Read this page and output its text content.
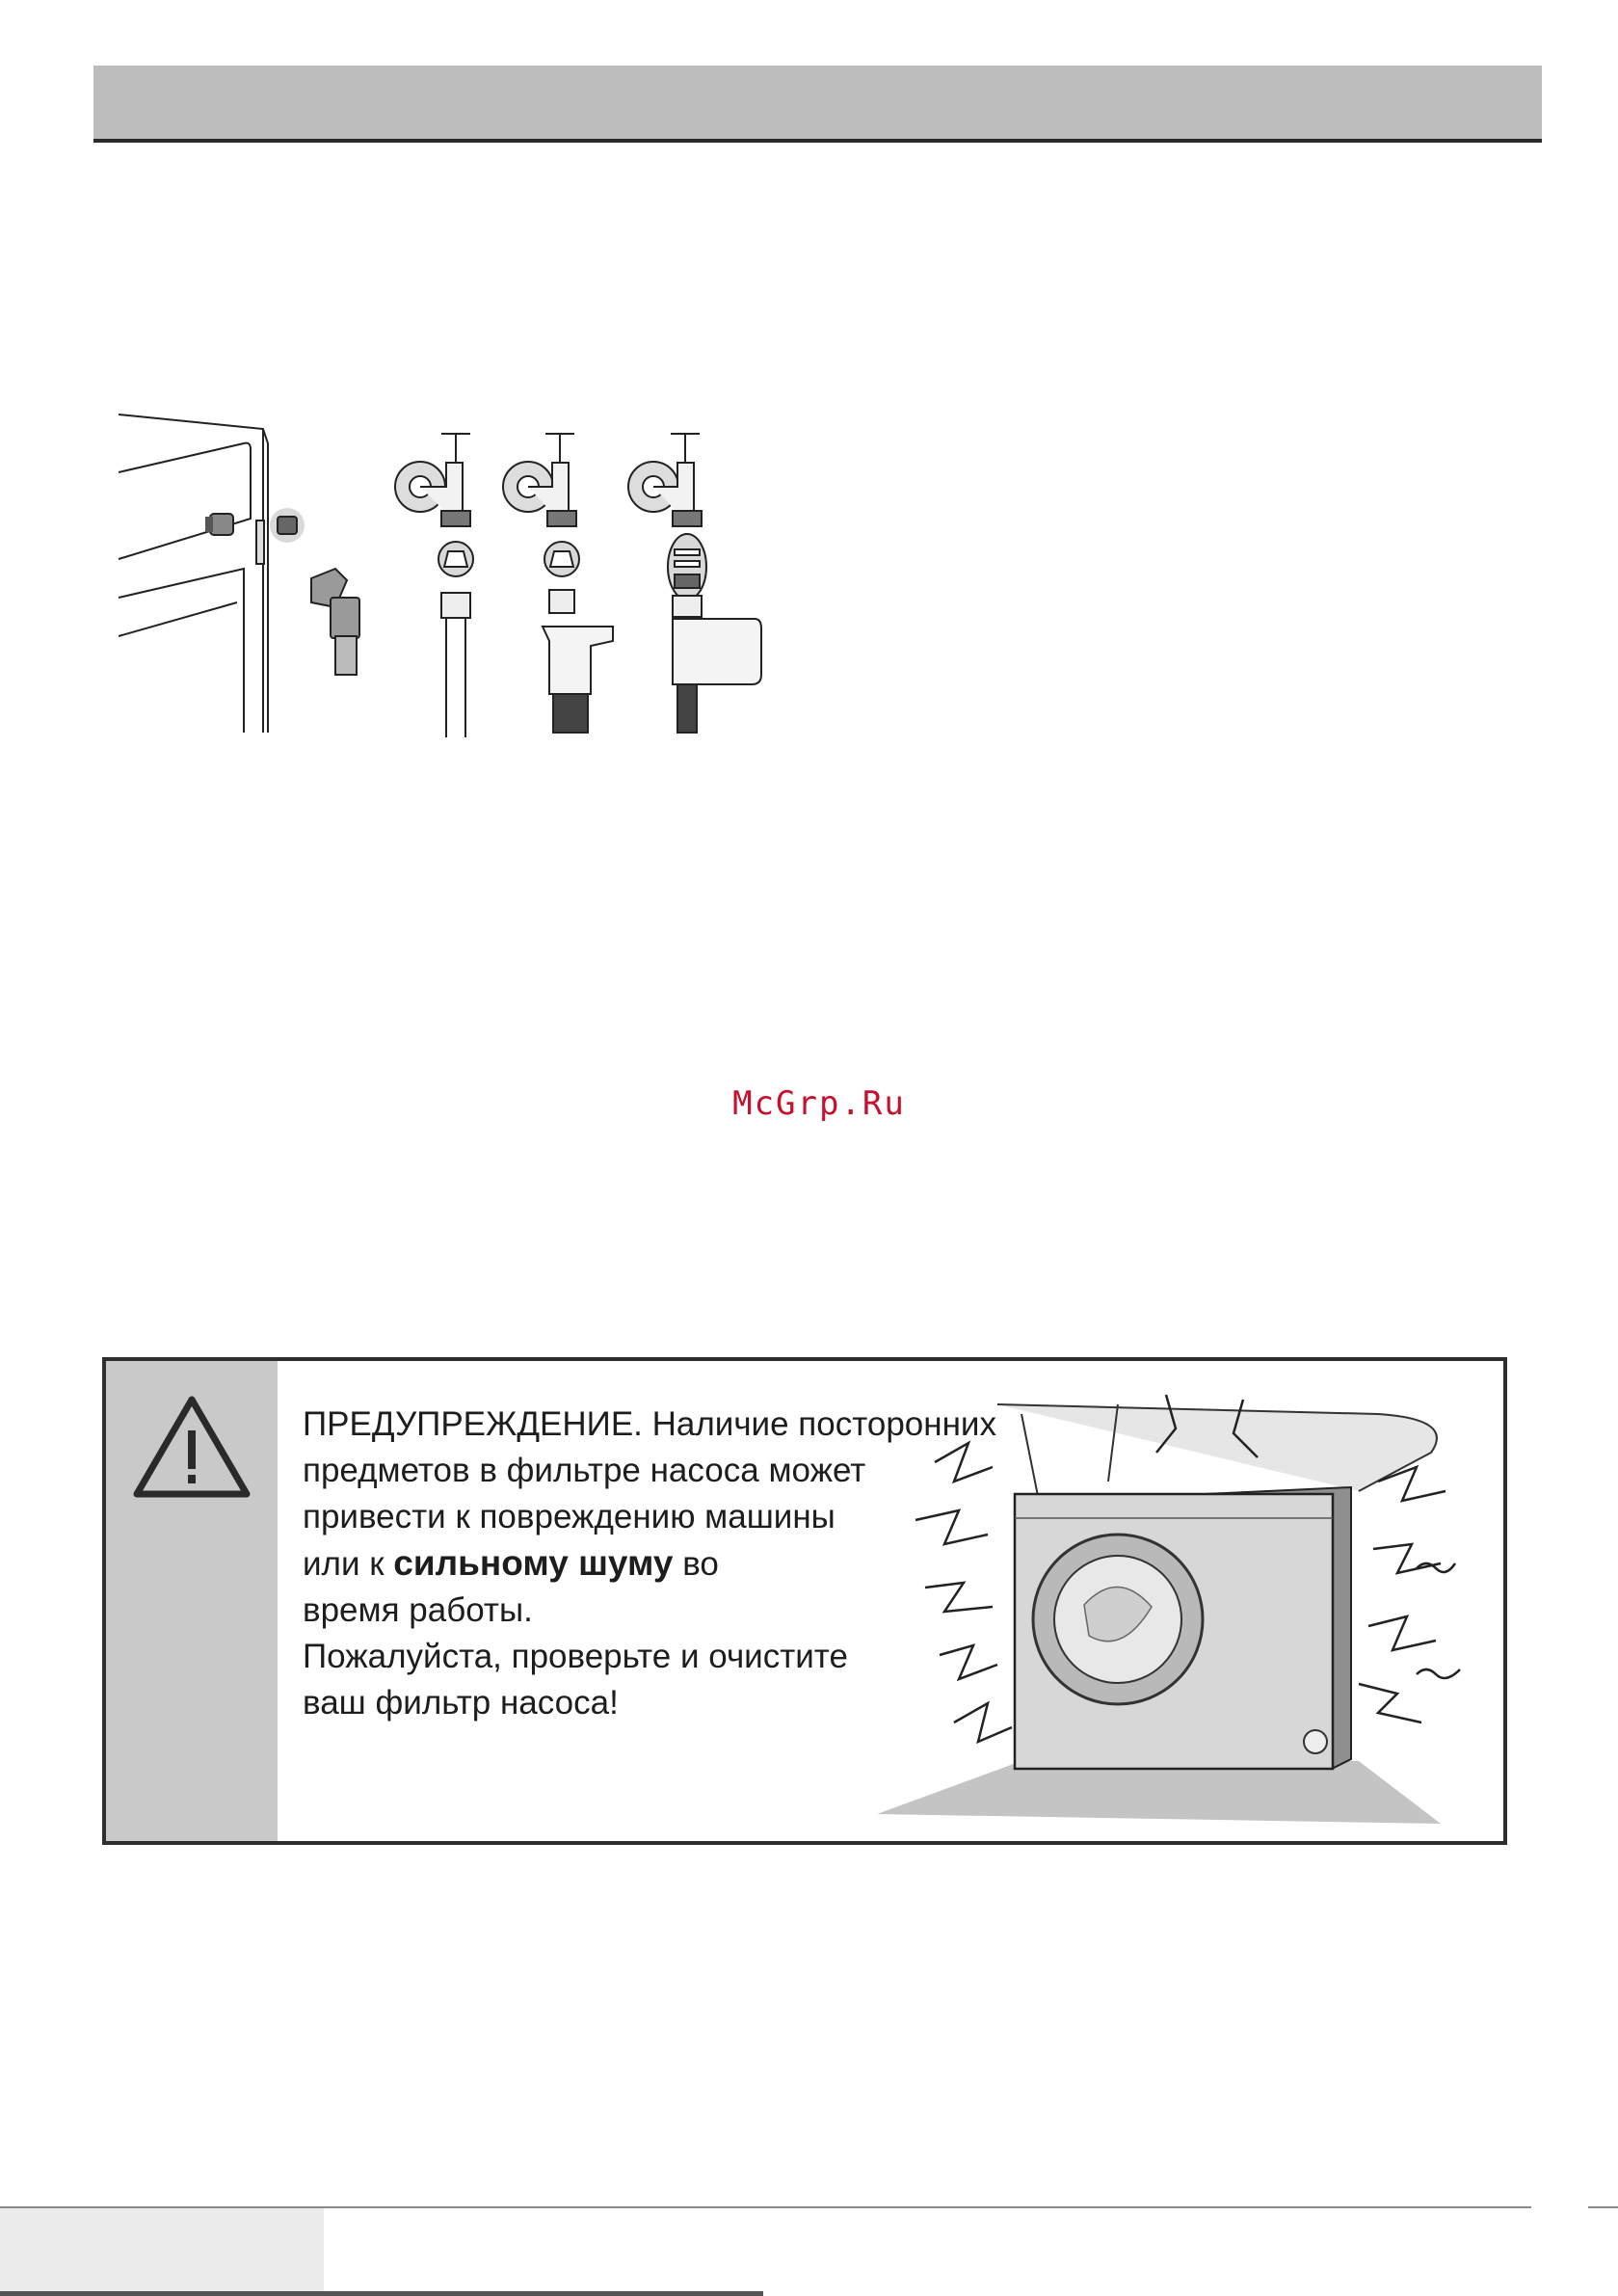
McGrp.Ru
ПРЕДУПРЕЖДЕНИЕ. Наличие посторонних
предметов в фильтре насоса может
привести к повреждению машины
или к сильному шуму во
время работы.
Пожалуйста, проверьте и очистите
ваш фильтр насоса!
